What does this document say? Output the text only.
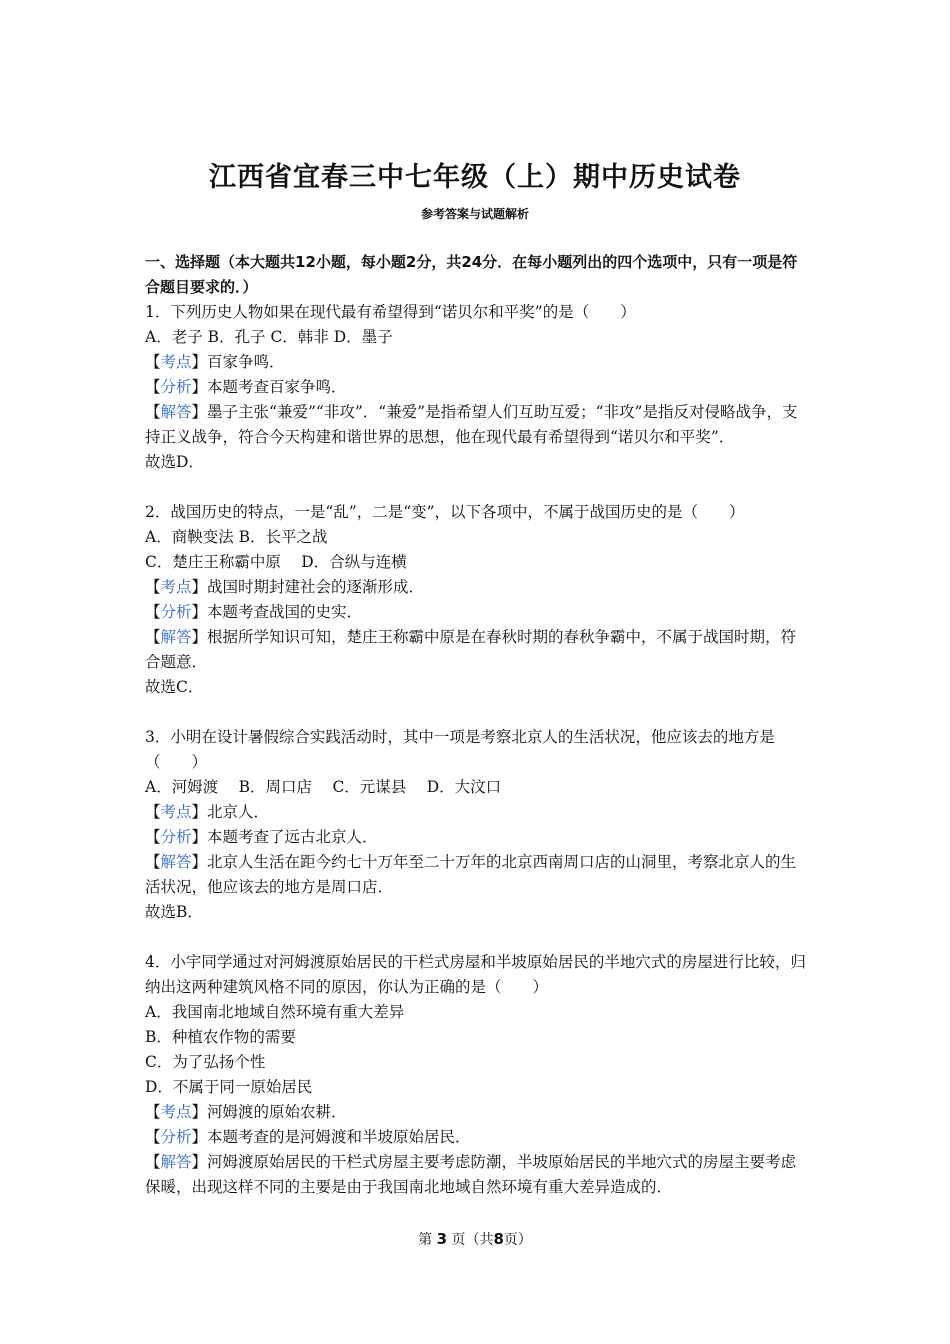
江西省宜春三中七年级（上）期中历史试卷
参考答案与试题解析
一、选择题（本大题共12小题，每小题2分，共24分．在每小题列出的四个选项中，只有一项是符合题目要求的．）
1．下列历史人物如果在现代最有希望得到“诺贝尔和平奖”的是（　　）
A．老子 B．孔子 C．韩非 D．墨子
【考点】百家争鸣．
【分析】本题考查百家争鸣．
【解答】墨子主张“兼爱”“非攻”．“兼爱”是指希望人们互助互爱；“非攻”是指反对侵略战争，支持正义战争，符合今天构建和谐世界的思想，他在现代最有希望得到“诺贝尔和平奖”．
故选D．
2．战国历史的特点，一是“乱”，二是“变”，以下各项中，不属于战国历史的是（　　）
A．商鞅变法 B．长平之战
C．楚庄王称霸中原　 D．合纵与连横
【考点】战国时期封建社会的逐渐形成．
【分析】本题考查战国的史实．
【解答】根据所学知识可知，楚庄王称霸中原是在春秋时期的春秋争霸中，不属于战国时期，符合题意．
故选C．
3．小明在设计暑假综合实践活动时，其中一项是考察北京人的生活状况，他应该去的地方是（　　）
A．河姆渡　 B．周口店　 C．元谋县　 D．大汶口
【考点】北京人．
【分析】本题考查了远古北京人．
【解答】北京人生活在距今约七十万年至二十万年的北京西南周口店的山洞里，考察北京人的生活状况，他应该去的地方是周口店．
故选B．
4．小宇同学通过对河姆渡原始居民的干栏式房屋和半坡原始居民的半地穴式的房屋进行比较，归纳出这两种建筑风格不同的原因，你认为正确的是（　　）
A．我国南北地域自然环境有重大差异
B．种植农作物的需要
C．为了弘扬个性
D．不属于同一原始居民
【考点】河姆渡的原始农耕．
【分析】本题考查的是河姆渡和半坡原始居民．
【解答】河姆渡原始居民的干栏式房屋主要考虑防潮，半坡原始居民的半地穴式的房屋主要考虑保暖，出现这样不同的主要是由于我国南北地域自然环境有重大差异造成的．
第 3 页（共8页）
